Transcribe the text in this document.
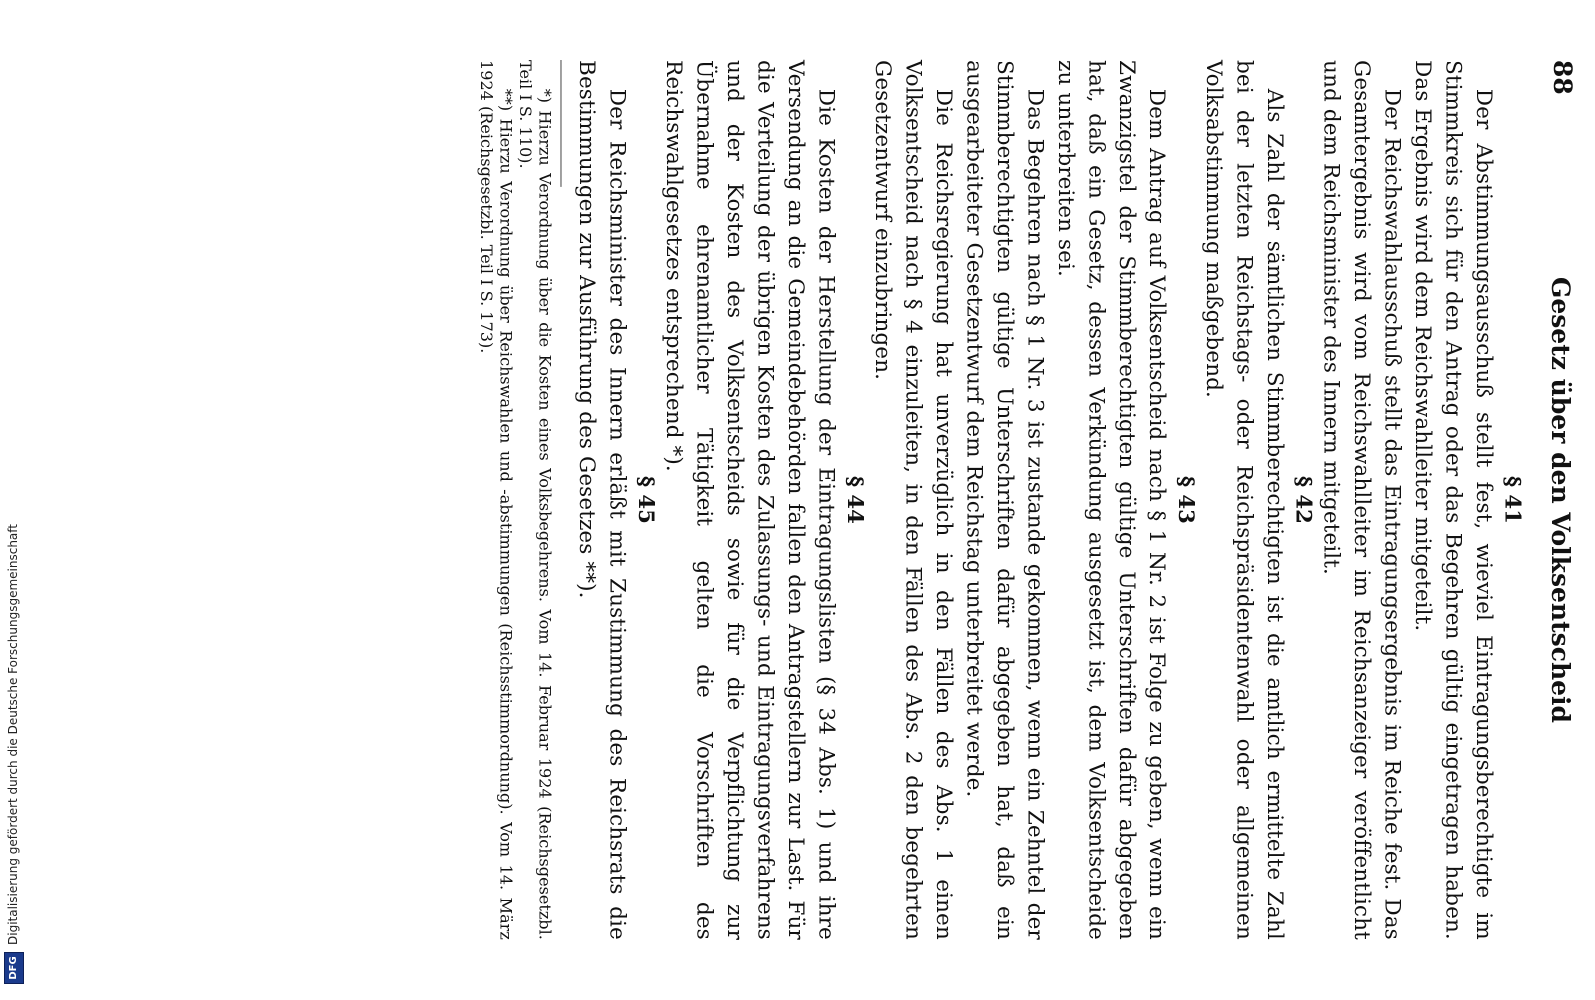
Digitalisierung gefördert durch die Deutsche Forschungsgemeinschaft
DFG
88
Gesetz über den Volksentscheid
§ 41

Der Abstimmungsausschuß stellt fest, wieviel Eintragungsberechtigte im Stimmkreis sich für den Antrag oder das Begehren gültig eingetragen haben. Das Ergebnis wird dem Reichswahlleiter mitgeteilt.

Der Reichswahlausschuß stellt das Eintragungsergebnis im Reiche fest. Das Gesamtergebnis wird vom Reichswahlleiter im Reichsanzeiger veröffentlicht und dem Reichsminister des Innern mitgeteilt.

§ 42

Als Zahl der sämtlichen Stimmberechtigten ist die amtlich ermittelte Zahl bei der letzten Reichstags- oder Reichspräsidentenwahl oder allgemeinen Volksabstimmung maßgebend.

§ 43

Dem Antrag auf Volksentscheid nach § 1 Nr. 2 ist Folge zu geben, wenn ein Zwanzigstel der Stimmberechtigten gültige Unterschriften dafür abgegeben hat, daß ein Gesetz, dessen Verkündung ausgesetzt ist, dem Volksentscheide zu unterbreiten sei.

Das Begehren nach § 1 Nr. 3 ist zustande gekommen, wenn ein Zehntel der Stimmberechtigten gültige Unterschriften dafür abgegeben hat, daß ein ausgearbeiteter Gesetzentwurf dem Reichstag unterbreitet werde.

Die Reichsregierung hat unverzüglich in den Fällen des Abs. 1 einen Volksentscheid nach § 4 einzuleiten, in den Fällen des Abs. 2 den begehrten Gesetzentwurf einzubringen.

§ 44

Die Kosten der Herstellung der Eintragungslisten (§ 34 Abs. 1) und ihre Versendung an die Gemeindebehörden fallen den Antragstellern zur Last. Für die Verteilung der übrigen Kosten des Zulassungs- und Eintragungsverfahrens und der Kosten des Volksentscheids sowie für die Verpflichtung zur Übernahme ehrenamtlicher Tätigkeit gelten die Vorschriften des Reichswahlgesetzes entsprechend *).

§ 45

Der Reichsminister des Innern erläßt mit Zustimmung des Reichsrats die Bestimmungen zur Ausführung des Gesetzes **).

*) Hierzu Verordnung über die Kosten eines Volksbegehrens. Vom 14. Februar 1924 (Reichsgesetzbl. Teil I S. 110).

**) Hierzu Verordnung über Reichswahlen und -abstimmungen (Reichsstimmordnung). Vom 14. März 1924 (Reichsgesetzbl. Teil I S. 173).
